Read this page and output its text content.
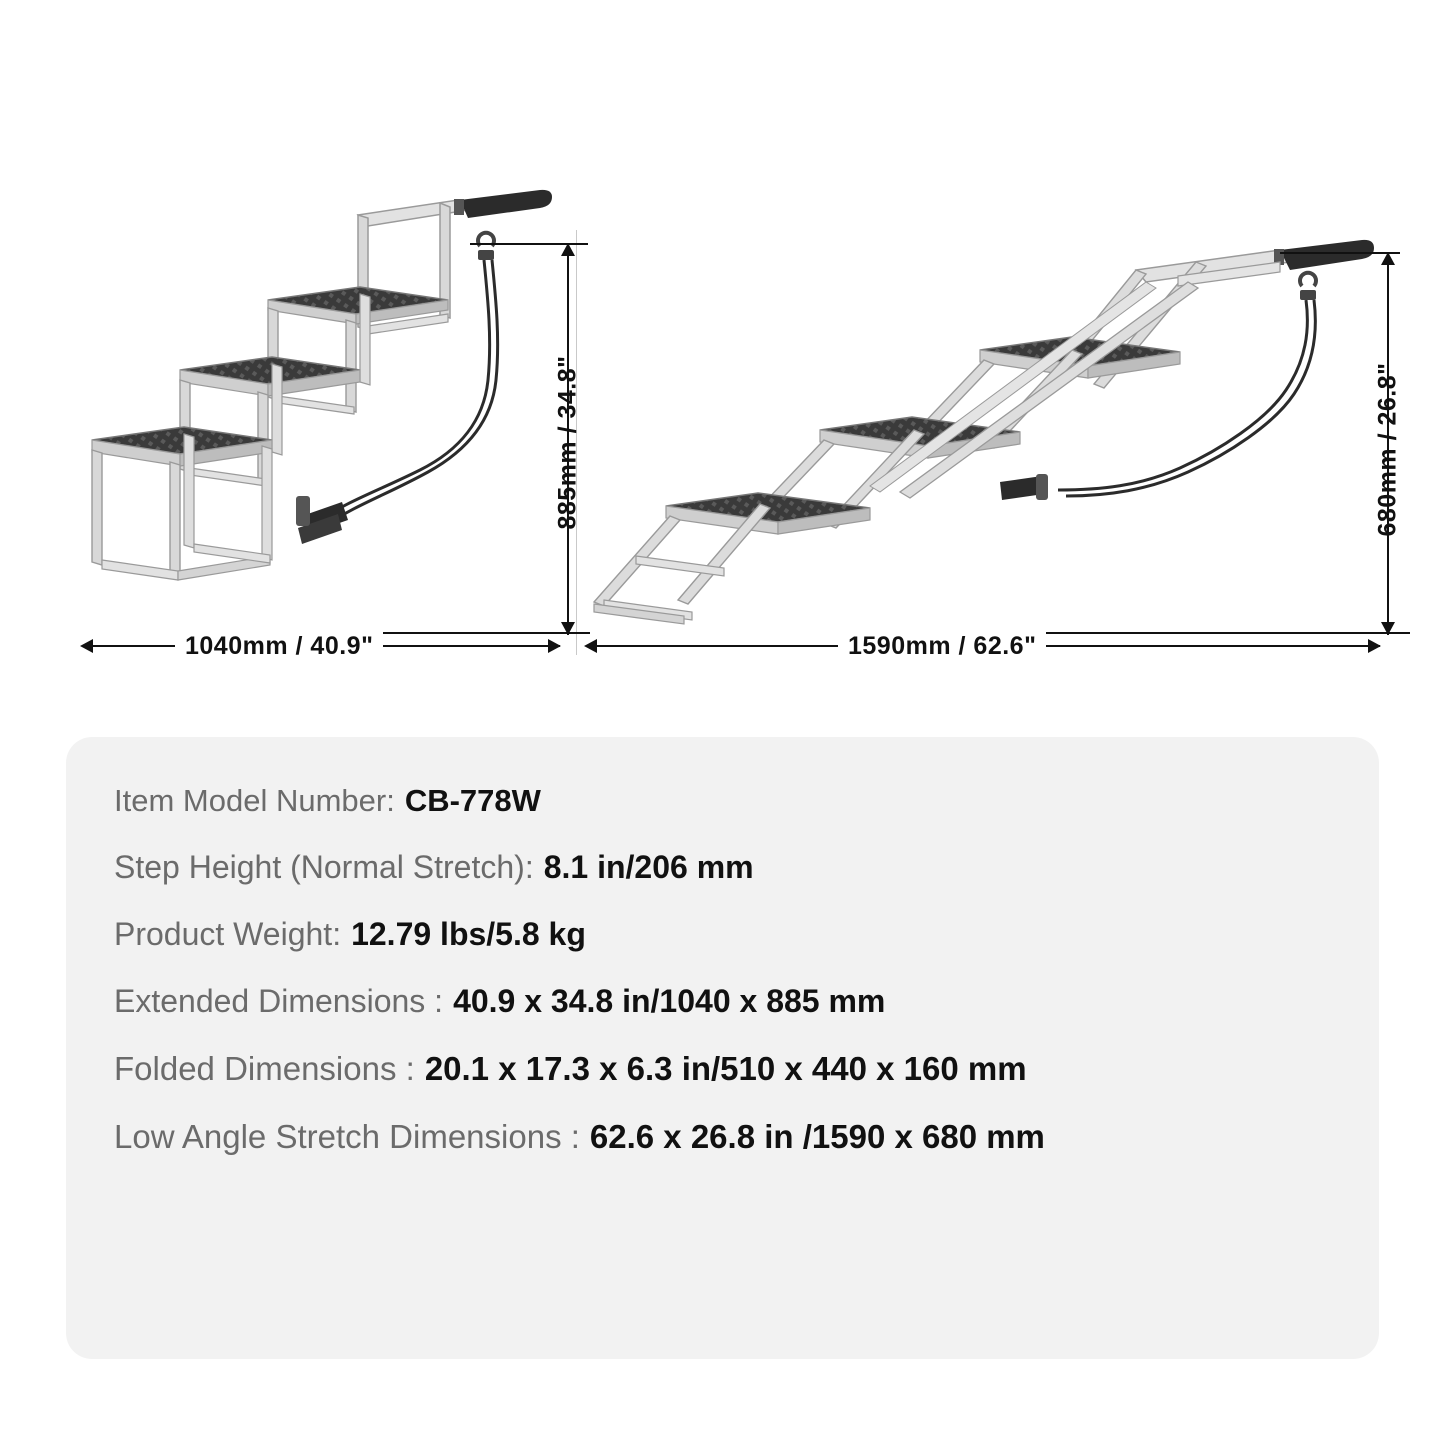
885mm / 34.8"
1040mm / 40.9"
680mm / 26.8"
1590mm / 62.6"
Item Model Number: CB-778W
Step Height (Normal Stretch): 8.1 in/206 mm
Product Weight: 12.79 lbs/5.8 kg
Extended Dimensions : 40.9 x 34.8 in/1040 x 885 mm
Folded Dimensions : 20.1 x 17.3 x 6.3 in/510 x 440 x 160 mm
Low Angle Stretch Dimensions : 62.6 x 26.8 in /1590 x 680 mm
